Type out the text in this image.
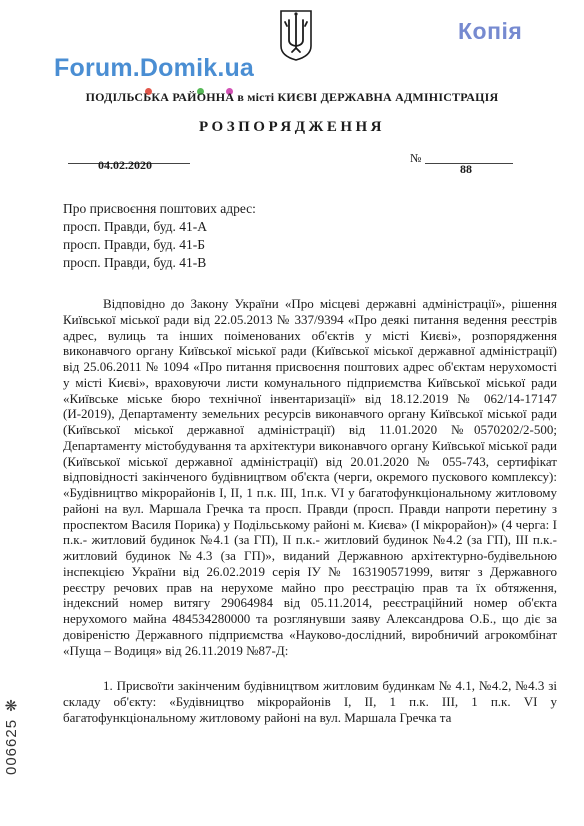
Копія
Forum.Domik.ua
ПОДІЛЬСЬКА РАЙОННА в місті КИЄВІ ДЕРЖАВНА АДМІНІСТРАЦІЯ
РОЗПОРЯДЖЕННЯ
04.02.2020	№
88
Про присвоєння поштових адрес:
просп. Правди, буд. 41-А
просп. Правди, буд. 41-Б
просп. Правди, буд. 41-В

Відповідно до Закону України «Про місцеві державні адміністрації», рішення Київської міської ради від 22.05.2013 № 337/9394 «Про деякі питання ведення реєстрів адрес, вулиць та інших поіменованих об'єктів у місті Києві», розпорядження виконавчого органу Київської міської ради (Київської міської державної адміністрації) від 25.06.2011 № 1094 «Про питання присвоєння поштових адрес об'єктам нерухомості у місті Києві», враховуючи листи комунального підприємства Київської міської ради «Київське міське бюро технічної інвентаризації» від 18.12.2019 № 062/14-17147 (И-2019), Департаменту земельних ресурсів виконавчого органу Київської міської ради (Київської міської державної адміністрації) від 11.01.2020 №0570202/2-500; Департаменту містобудування та архітектури виконавчого органу Київської міської ради (Київської міської державної адміністрації) від 20.01.2020 № 055-743, сертифікат відповідності закінченого будівництвом об'єкта (черги, окремого пускового комплексу): «Будівництво мікрорайонів І, ІІ, 1 п.к. ІІІ, 1п.к. VI у багатофункціональному житловому районі на вул. Маршала Гречка та просп. Правди (просп. Правди напроти перетину з проспектом Василя Порика) у Подільському районі м. Києва» (І мікрорайон)» (4 черга: І п.к.- житловий будинок №4.1 (за ГП), ІІ п.к.- житловий будинок №4.2 (за ГП), ІІІ п.к.- житловий будинок №4.3 (за ГП)», виданий Державною архітектурно-будівельною інспекцією України від 26.02.2019 серія ІУ № 163190571999, витяг з Державного реєстру речових прав на нерухоме майно про реєстрацію прав та їх обтяження, індексний номер витягу 29064984 від 05.11.2014, реєстраційний номер об'єкта нерухомого майна 484534280000 та розглянувши заяву Александрова О.Б., що діє за довіреністю Державного підприємства «Науково-дослідний, виробничий агрокомбінат «Пуща – Водиця» від 26.11.2019 №87-Д:

1. Присвоїти закінченим будівництвом житловим будинкам № 4.1, №4.2, №4.3 зі складу об'єкту: «Будівництво мікрорайонів І, ІІ, 1 п.к. ІІІ, 1 п.к. VI у багатофункціональному житловому районі на вул. Маршала Гречка та

006625 ❋
